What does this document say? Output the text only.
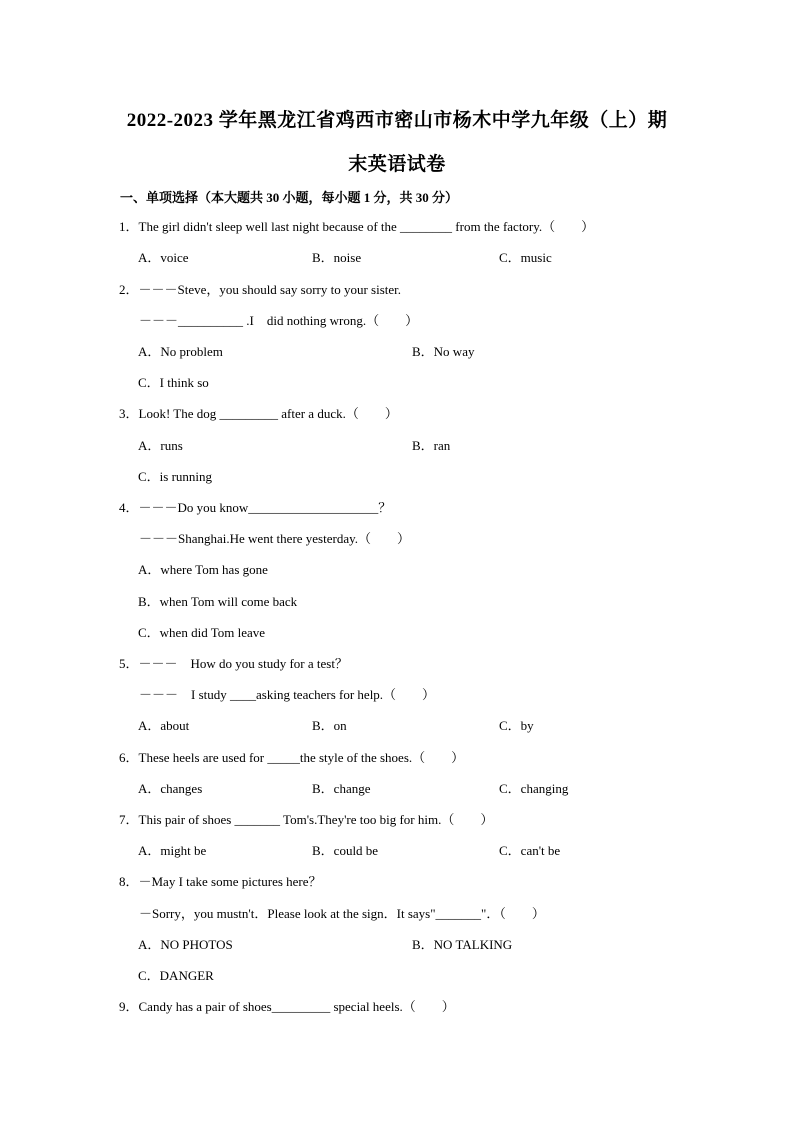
2022-2023 学年黑龙江省鸡西市密山市杨木中学九年级（上）期
末英语试卷
一、单项选择（本大题共 30 小题，每小题 1 分，共 30 分）
1．The girl didn't sleep well last night because of the ________ from the factory.（　　）
A．voice	B．noise	C．music
2．－－－Steve，you should say sorry to your sister.
－－－__________ .I　did nothing wrong.（　　）
A．No problem	B．No way
C．I think so
3．Look! The dog _________ after a duck.（　　）
A．runs	B．ran
C．is running
4．－－－Do you know____________________？
－－－Shanghai.He went there yesterday.（　　）
A．where Tom has gone
B．when Tom will come back
C．when did Tom leave
5．－－－　How do you study for a test？
－－－　I study ____asking teachers for help.（　　）
A．about	B．on	C．by
6．These heels are used for _____the style of the shoes.（　　）
A．changes	B．change	C．changing
7．This pair of shoes _______ Tom's.They're too big for him.（　　）
A．might be	B．could be	C．can't be
8．－May I take some pictures here？
－Sorry，you mustn't．Please look at the sign．It says"_______"．（　　）
A．NO PHOTOS	B．NO TALKING
C．DANGER
9．Candy has a pair of shoes_________ special heels.（　　）
